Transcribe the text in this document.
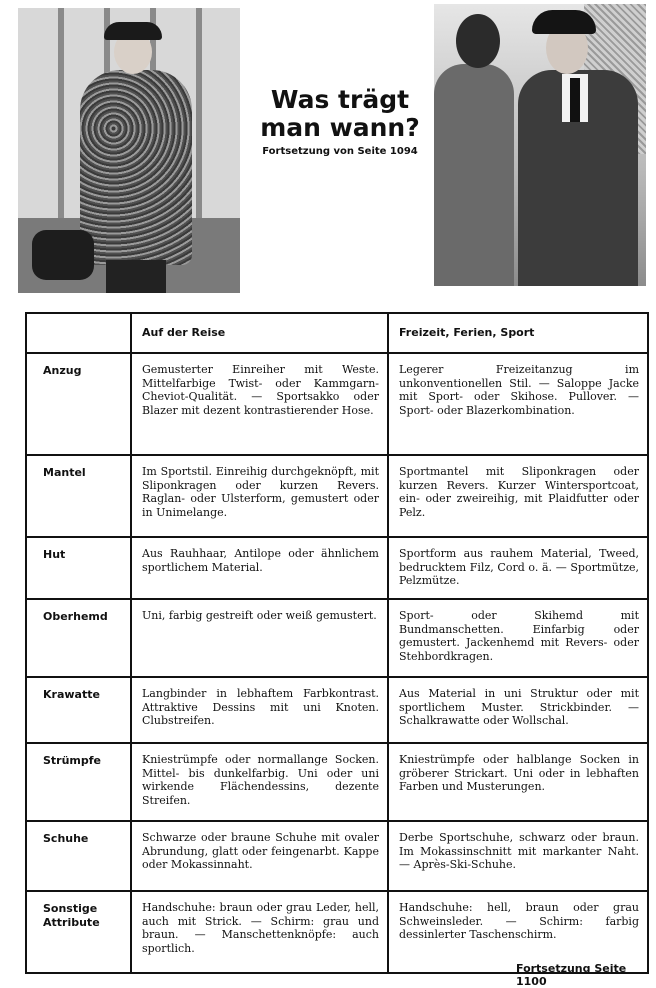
Was trägt
man wann?
Fortsetzung von Seite 1094
	Auf der Reise	Freizeit, Ferien, Sport
Anzug	Gemusterter Einreiher mit Weste. Mittelfarbige Twist- oder Kammgarn-Cheviot-Qualität. — Sportsakko oder Blazer mit dezent kontrastierender Hose.	Legerer Freizeitanzug im unkonventionellen Stil. — Saloppe Jacke mit Sport- oder Skihose. Pullover. — Sport- oder Blazerkombination.
Mantel	Im Sportstil. Einreihig durchgeknöpft, mit Sliponkragen oder kurzen Revers. Raglan- oder Ulsterform, gemustert oder in Unimelange.	Sportmantel mit Sliponkragen oder kurzen Revers. Kurzer Wintersportcoat, ein- oder zweireihig, mit Plaidfutter oder Pelz.
Hut	Aus Rauhhaar, Antilope oder ähnlichem sportlichem Material.	Sportform aus rauhem Material, Tweed, bedrucktem Filz, Cord o. ä. — Sportmütze, Pelzmütze.
Oberhemd	Uni, farbig gestreift oder weiß gemustert.	Sport- oder Skihemd mit Bundmanschetten. Einfarbig oder gemustert. Jackenhemd mit Revers- oder Stehbordkragen.
Krawatte	Langbinder in lebhaftem Farbkontrast. Attraktive Dessins mit uni Knoten. Clubstreifen.	Aus Material in uni Struktur oder mit sportlichem Muster. Strickbinder. — Schalkrawatte oder Wollschal.
Strümpfe	Kniestrümpfe oder normallange Socken. Mittel- bis dunkelfarbig. Uni oder uni wirkende Flächendessins, dezente Streifen.	Kniestrümpfe oder halblange Socken in gröberer Strickart. Uni oder in lebhaften Farben und Musterungen.
Schuhe	Schwarze oder braune Schuhe mit ovaler Abrundung, glatt oder feingenarbt. Kappe oder Mokassinnaht.	Derbe Sportschuhe, schwarz oder braun. Im Mokassinschnitt mit markanter Naht. — Après-Ski-Schuhe.
Sonstige Attribute	Handschuhe: braun oder grau Leder, hell, auch mit Strick. — Schirm: grau und braun. — Manschettenknöpfe: auch sportlich.	Handschuhe: hell, braun oder grau Schweinsleder. — Schirm: farbig dessinlerter Taschenschirm.
Fortsetzung Seite 1100
